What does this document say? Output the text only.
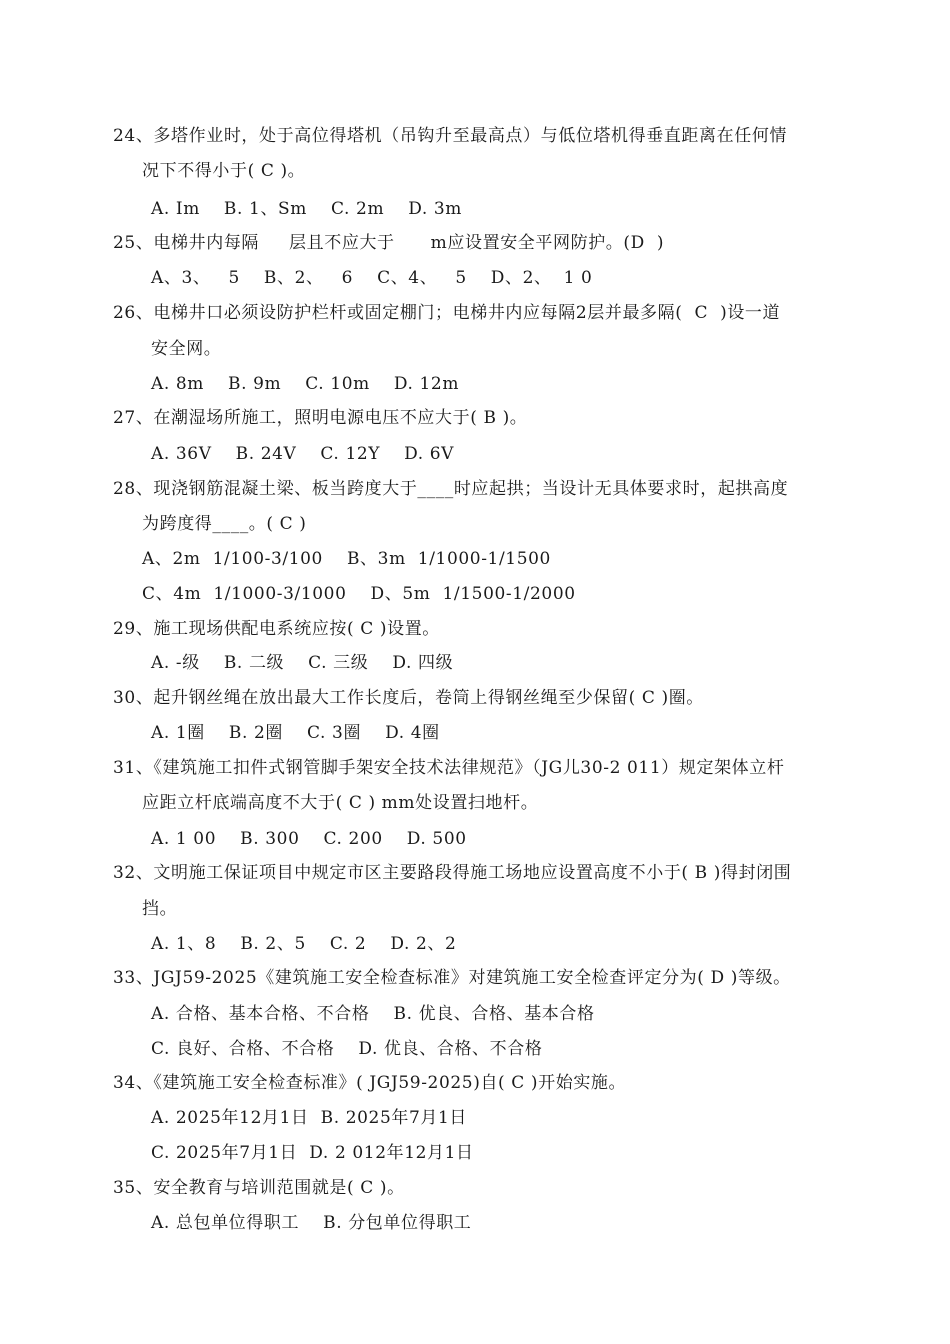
24、多塔作业时，处于高位得塔机（吊钩升至最高点）与低位塔机得垂直距离在任何情
况下不得小于( C )。
A. Im    B. 1、Sm    C. 2m    D. 3m
25、电梯井内每隔     层且不应大于      m应设置安全平网防护。(D  )
A、3、   5    B、2、   6    C、4、   5    D、2、  1 0
26、电梯井口必须设防护栏杆或固定棚门；电梯井内应每隔2层并最多隔(  C  )设一道
安全网。
A. 8m    B. 9m    C. 10m    D. 12m
27、在潮湿场所施工，照明电源电压不应大于( B )。
A. 36V    B. 24V    C. 12Y    D. 6V
28、现浇钢筋混凝土梁、板当跨度大于____时应起拱；当设计无具体要求时，起拱高度
为跨度得____。( C )
A、2m  1/100-3/100    B、3m  1/1000-1/1500
C、4m  1/1000-3/1000    D、5m  1/1500-1/2000
29、施工现场供配电系统应按( C )设置。
A. -级    B. 二级    C. 三级    D. 四级
30、起升钢丝绳在放出最大工作长度后，卷筒上得钢丝绳至少保留( C )圈。
A. 1圈    B. 2圈    C. 3圈    D. 4圈
31、《建筑施工扣件式钢管脚手架安全技术法律规范》（JG儿30-2 011）规定架体立杆
应距立杆底端高度不大于( C ) mm处设置扫地杆。
A. 1 00    B. 300    C. 200    D. 500
32、文明施工保证项目中规定市区主要路段得施工场地应设置高度不小于( B )得封闭围
挡。
A. 1、8    B. 2、5    C. 2    D. 2、2
33、JGJ59-2025《建筑施工安全检查标准》对建筑施工安全检查评定分为( D )等级。
A. 合格、基本合格、不合格    B. 优良、合格、基本合格
C. 良好、合格、不合格    D. 优良、合格、不合格
34、《建筑施工安全检查标准》( JGJ59-2025)自( C )开始实施。
A. 2025年12月1日  B. 2025年7月1日
C. 2025年7月1日  D. 2 012年12月1日
35、安全教育与培训范围就是( C )。
A. 总包单位得职工    B. 分包单位得职工
